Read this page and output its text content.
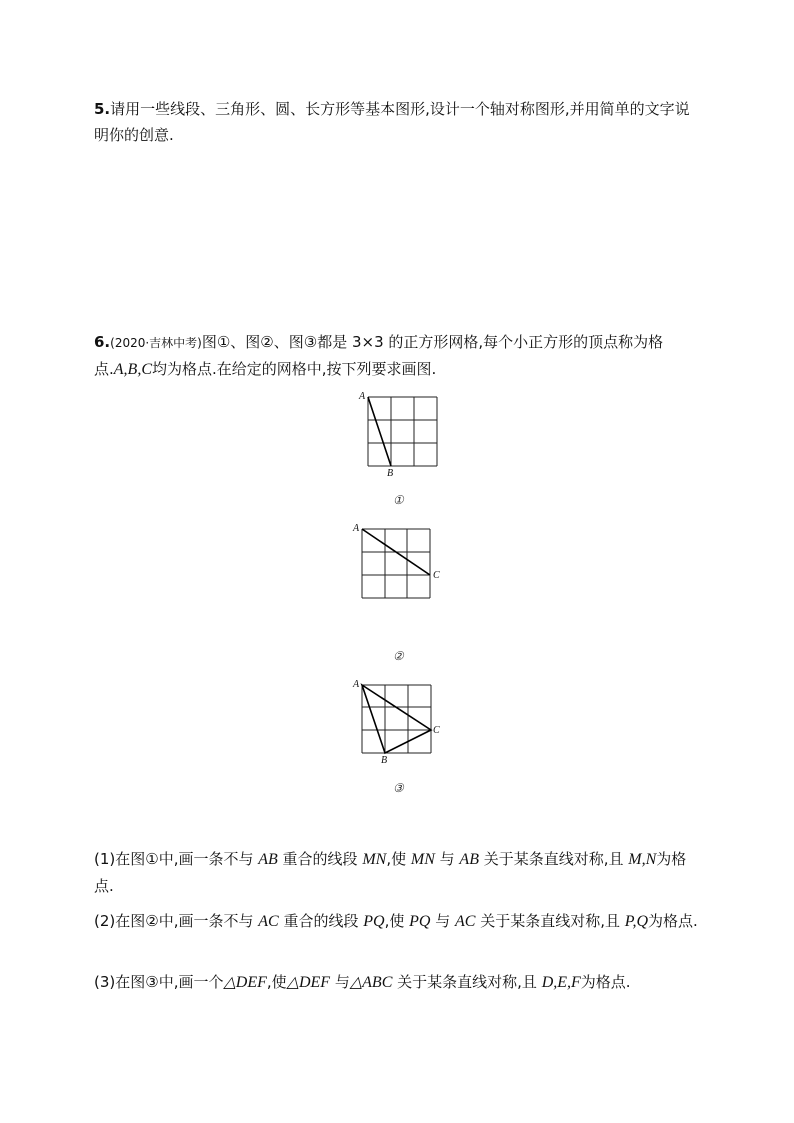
5.请用一些线段、三角形、圆、长方形等基本图形,设计一个轴对称图形,并用简单的文字说明你的创意.
6.(2020·吉林中考)图①、图②、图③都是 3×3 的正方形网格,每个小正方形的顶点称为格点.A,B,C均为格点.在给定的网格中,按下列要求画图.
A
B
①
A
C
②
A
B
C
③
(1)在图①中,画一条不与 AB 重合的线段 MN,使 MN 与 AB 关于某条直线对称,且 M,N为格点.
(2)在图②中,画一条不与 AC 重合的线段 PQ,使 PQ 与 AC 关于某条直线对称,且 P,Q为格点.
(3)在图③中,画一个△DEF,使△DEF 与△ABC 关于某条直线对称,且 D,E,F为格点.
